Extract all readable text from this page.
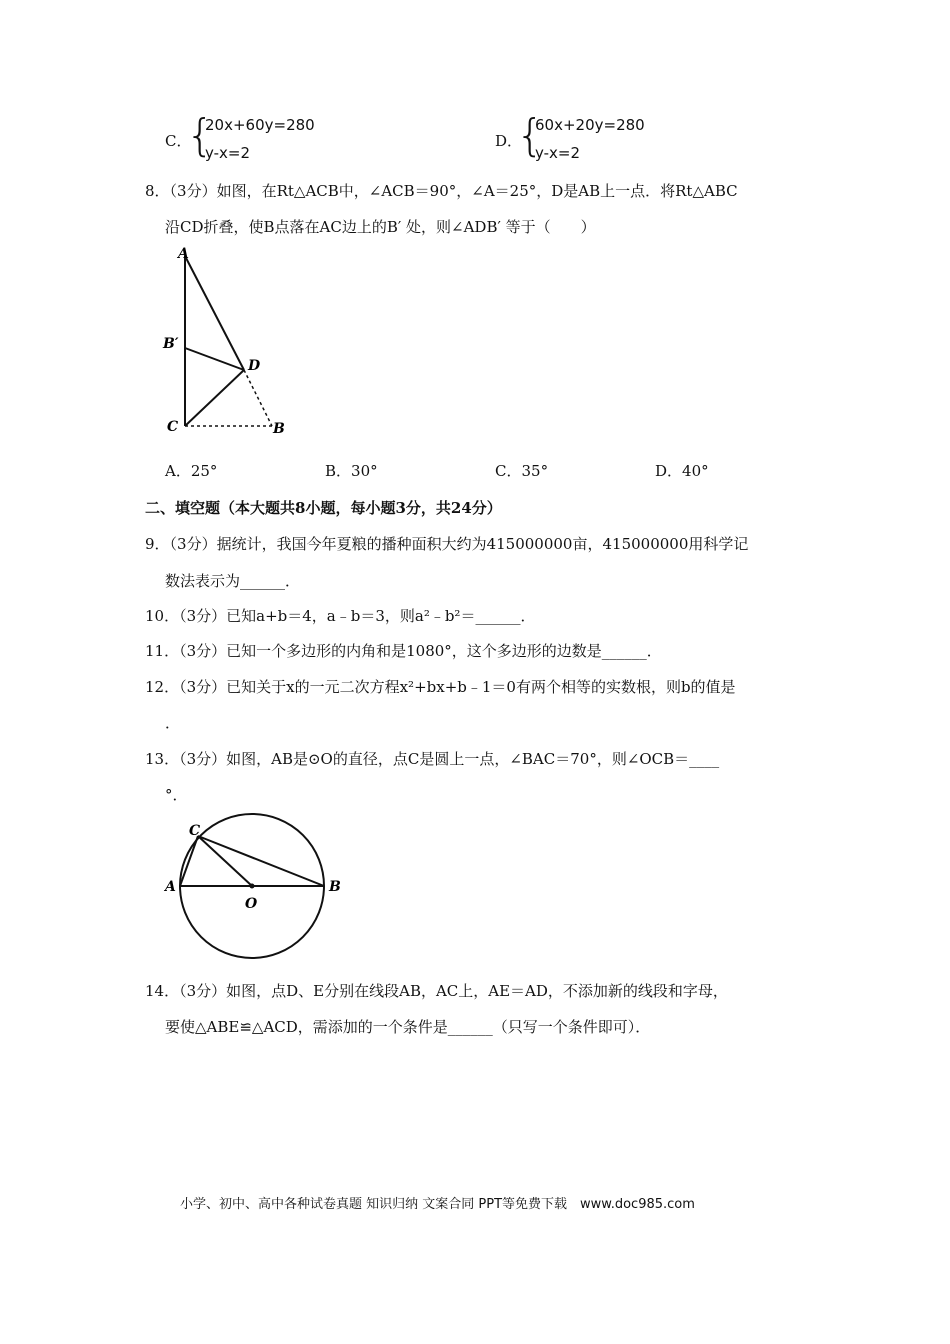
C．
{
20x+60y=280
y-x=2
D．
{
60x+20y=280
y-x=2
8．（3分）如图，在Rt△ACB中，∠ACB＝90°，∠A＝25°，D是AB上一点．将Rt△ABC
沿CD折叠，使B点落在AC边上的B′ 处，则∠ADB′ 等于（　　）
A
B′
D
C	B
A．25°	B．30°	C．35°	D．40°
二、填空题（本大题共8小题，每小题3分，共24分）
9．（3分）据统计，我国今年夏粮的播种面积大约为415000000亩，415000000用科学记
数法表示为______．
10．（3分）已知a+b＝4，a﹣b＝3，则a²﹣b²＝______．
11．（3分）已知一个多边形的内角和是1080°，这个多边形的边数是______．
12．（3分）已知关于x的一元二次方程x²+bx+b﹣1＝0有两个相等的实数根，则b的值是
．
13．（3分）如图，AB是⊙O的直径，点C是圆上一点，∠BAC＝70°，则∠OCB＝____
°．
C
A	B
O
14．（3分）如图，点D、E分别在线段AB，AC上，AE＝AD，不添加新的线段和字母，
要使△ABE≌△ACD，需添加的一个条件是______（只写一个条件即可）．
小学、初中、高中各种试卷真题 知识归纳 文案合同 PPT等免费下载　www.doc985.com
